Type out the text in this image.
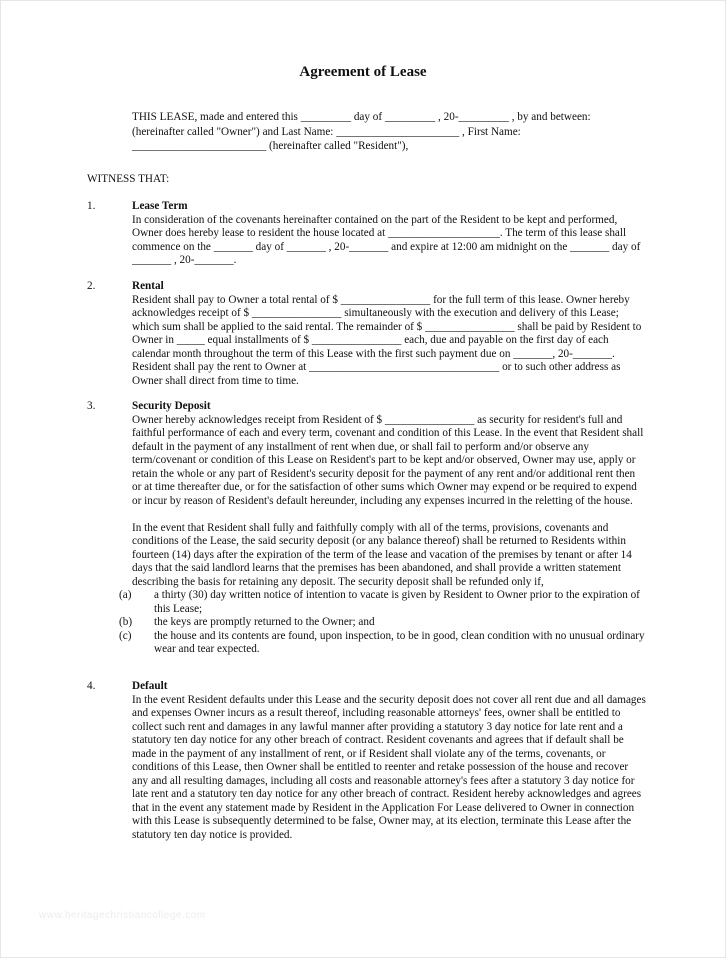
Agreement of Lease

THIS LEASE, made and entered this _________ day of _________ , 20-_________ , by and between:

(hereinafter called "Owner") and Last Name: ______________________ , First Name:

________________________ (hereinafter called "Resident"),

WITNESS THAT:
1.	Lease Term

In consideration of the covenants hereinafter contained on the part of the Resident to be kept and performed, Owner does hereby lease to resident the house located at ____________________. The term of this lease shall commence on the _______ day of _______ , 20-_______ and expire at 12:00 am midnight on the _______ day of _______ , 20-_______.

2.	Rental

Resident shall pay to Owner a total rental of $ ________________ for the full term of this lease. Owner hereby acknowledges receipt of $ ________________ simultaneously with the execution and delivery of this Lease; which sum shall be applied to the said rental. The remainder of $ ________________ shall be paid by Resident to Owner in _____ equal installments of $ ________________ each, due and payable on the first day of each calendar month throughout the term of this Lease with the first such payment due on _______, 20-_______. Resident shall pay the rent to Owner at __________________________________ or to such other address as Owner shall direct from time to time.

3.	Security Deposit

Owner hereby acknowledges receipt from Resident of $ ________________ as security for resident's full and faithful performance of each and every term, covenant and condition of this Lease. In the event that Resident shall default in the payment of any installment of rent when due, or shall fail to perform and/or observe any term/covenant or condition of this Lease on Resident's part to be kept and/or observed, Owner may use, apply or retain the whole or any part of Resident's security deposit for the payment of any rent and/or additional rent then or at time thereafter due, or for the satisfaction of other sums which Owner may expend or be required to expend or incur by reason of Resident's default hereunder, including any expenses incurred in the reletting of the house.

In the event that Resident shall fully and faithfully comply with all of the terms, provisions, covenants and conditions of the Lease, the said security deposit (or any balance thereof) shall be returned to Residents within fourteen (14) days after the expiration of the term of the lease and vacation of the premises by tenant or after 14 days that the said landlord learns that the premises has been abandoned, and shall provide a written statement describing the basis for retaining any deposit. The security deposit shall be refunded only if,

(a) a thirty (30) day written notice of intention to vacate is given by Resident to Owner prior to the expiration of this Lease;
(b) the keys are promptly returned to the Owner; and
(c) the house and its contents are found, upon inspection, to be in good, clean condition with no unusual ordinary wear and tear expected.
4.	Default

In the event Resident defaults under this Lease and the security deposit does not cover all rent due and all damages and expenses Owner incurs as a result thereof, including reasonable attorneys' fees, owner shall be entitled to collect such rent and damages in any lawful manner after providing a statutory 3 day notice for late rent and a statutory ten day notice for any other breach of contract. Resident covenants and agrees that if default shall be made in the payment of any installment of rent, or if Resident shall violate any of the terms, covenants, or conditions of this Lease, then Owner shall be entitled to reenter and retake possession of the house and recover any and all resulting damages, including all costs and reasonable attorney's fees after a statutory 3 day notice for late rent and a statutory ten day notice for any other breach of contract. Resident hereby acknowledges and agrees that in the event any statement made by Resident in the Application For Lease delivered to Owner in connection with this Lease is subsequently determined to be false, Owner may, at its election, terminate this Lease after the statutory ten day notice is provided.

www.heritagechristiancollege.com
